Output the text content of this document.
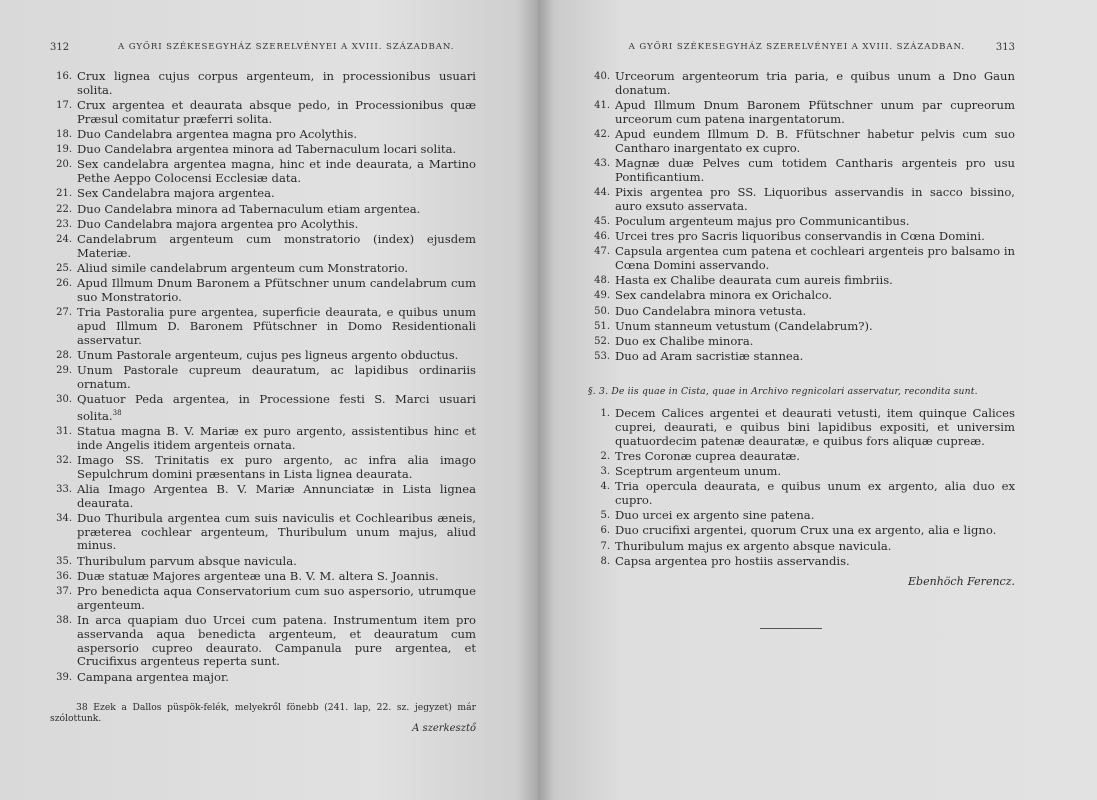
312	A GYŐRI SZÉKESEGYHÁZ SZERELVÉNYEI A XVIII. SZÁZADBAN.
16. Crux lignea cujus corpus argenteum, in processionibus usuari solita.
17. Crux argentea et deaurata absque pedo, in Processionibus quæ Præsul comitatur præferri solita.
18. Duo Candelabra argentea magna pro Acolythis.
19. Duo Candelabra argentea minora ad Tabernaculum locari solita.
20. Sex candelabra argentea magna, hinc et inde deaurata, a Martino Pethe Aeppo Colocensi Ecclesiæ data.
21. Sex Candelabra majora argentea.
22. Duo Candelabra minora ad Tabernaculum etiam argentea.
23. Duo Candelabra majora argentea pro Acolythis.
24. Candelabrum argenteum cum monstratorio (index) ejusdem Materiæ.
25. Aliud simile candelabrum argenteum cum Monstratorio.
26. Apud Illmum Dnum Baronem a Pfütschner unum candelabrum cum suo Monstratorio.
27. Tria Pastoralia pure argentea, superficie deaurata, e quibus unum apud Illmum D. Baronem Pfütschner in Domo Residentionali asservatur.
28. Unum Pastorale argenteum, cujus pes ligneus argento obductus.
29. Unum Pastorale cupreum deauratum, ac lapidibus ordinariis ornatum.
30. Quatuor Peda argentea, in Processione festi S. Marci usuari solita.$^{38}$
31. Statua magna B. V. Mariæ ex puro argento, assistentibus hinc et inde Angelis itidem argenteis ornata.
32. Imago SS. Trinitatis ex puro argento, ac infra alia imago Sepulchrum domini præsentans in Lista lignea deaurata.
33. Alia Imago Argentea B. V. Mariæ Annunciatæ in Lista lignea deaurata.
34. Duo Thuribula argentea cum suis naviculis et Cochlearibus æneis, præterea cochlear argenteum, Thuribulum unum majus, aliud minus.
35. Thuribulum parvum absque navicula.
36. Duæ statuæ Majores argenteæ una B. V. M. altera S. Joannis.
37. Pro benedicta aqua Conservatorium cum suo aspersorio, utrumque argenteum.
38. In arca quapiam duo Urcei cum patena. Instrumentum item pro asservanda aqua benedicta argenteum, et deauratum cum aspersorio cupreo deaurato. Campanula pure argentea, et Crucifixus argenteus reperta sunt.
39. Campana argentea major.
38 Ezek a Dallos püspök-felék, melyekről fönebb (241. lap, 22. sz. jegyzet) már szólottunk.
A szerkesztő
A GYŐRI SZÉKESEGYHÁZ SZERELVÉNYEI A XVIII. SZÁZADBAN.	313
40. Urceorum argenteorum tria paria, e quibus unum a Dno Gaun donatum.
41. Apud Illmum Dnum Baronem Pfütschner unum par cupreorum urceorum cum patena inargentatorum.
42. Apud eundem Illmum D. B. Ffütschner habetur pelvis cum suo Cantharo inargentato ex cupro.
43. Magnæ duæ Pelves cum totidem Cantharis argenteis pro usu Pontificantium.
44. Pixis argentea pro SS. Liquoribus asservandis in sacco bissino, auro exsuto asservata.
45. Poculum argenteum majus pro Communicantibus.
46. Urcei tres pro Sacris liquoribus conservandis in Cœna Domini.
47. Capsula argentea cum patena et cochleari argenteis pro balsamo in Cœna Domini asservando.
48. Hasta ex Chalibe deaurata cum aureis fimbriis.
49. Sex candelabra minora ex Orichalco.
50. Duo Candelabra minora vetusta.
51. Unum stanneum vetustum (Candelabrum?).
52. Duo ex Chalibe minora.
53. Duo ad Aram sacristiæ stannea.
§. 3. De iis quae in Cista, quae in Archivo regnicolari asservatur, recondita sunt.
1. Decem Calices argentei et deaurati vetusti, item quinque Calices cuprei, deaurati, e quibus bini lapidibus expositi, et universim quatuordecim patenæ deauratæ, e quibus fors aliquæ cupreæ.
2. Tres Coronæ cuprea deauratæ.
3. Sceptrum argenteum unum.
4. Tria opercula deaurata, e quibus unum ex argento, alia duo ex cupro.
5. Duo urcei ex argento sine patena.
6. Duo crucifixi argentei, quorum Crux una ex argento, alia e ligno.
7. Thuribulum majus ex argento absque navicula.
8. Capsa argentea pro hostiis asservandis.
Ebenhöch Ferencz.
